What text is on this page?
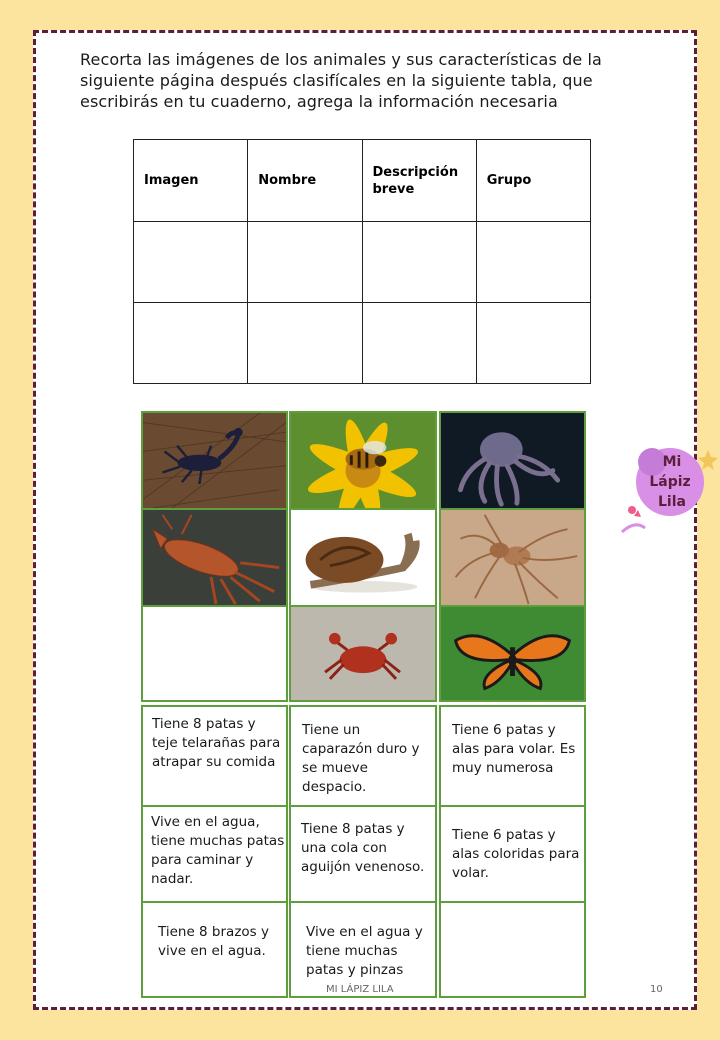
Recorta las imágenes de los animales y sus características de la siguiente página después clasifícales en la siguiente tabla, que escribirás en tu cuaderno, agrega la información necesaria
Imagen	Nombre	Descripción breve	Grupo

Tiene 8 patas y teje telarañas para atrapar su comida
Tiene un caparazón duro y se mueve despacio.
Tiene 6 patas y alas para volar. Es muy numerosa
Vive en el agua, tiene muchas patas para caminar y nadar.
Tiene 8 patas y una cola con aguijón venenoso.
Tiene 6 patas y alas coloridas para volar.
Tiene 8 brazos y vive en el agua.
Vive en el agua y tiene muchas patas y pinzas
MI LÁPIZ LILA	10
Mi
Lápiz
Lila
